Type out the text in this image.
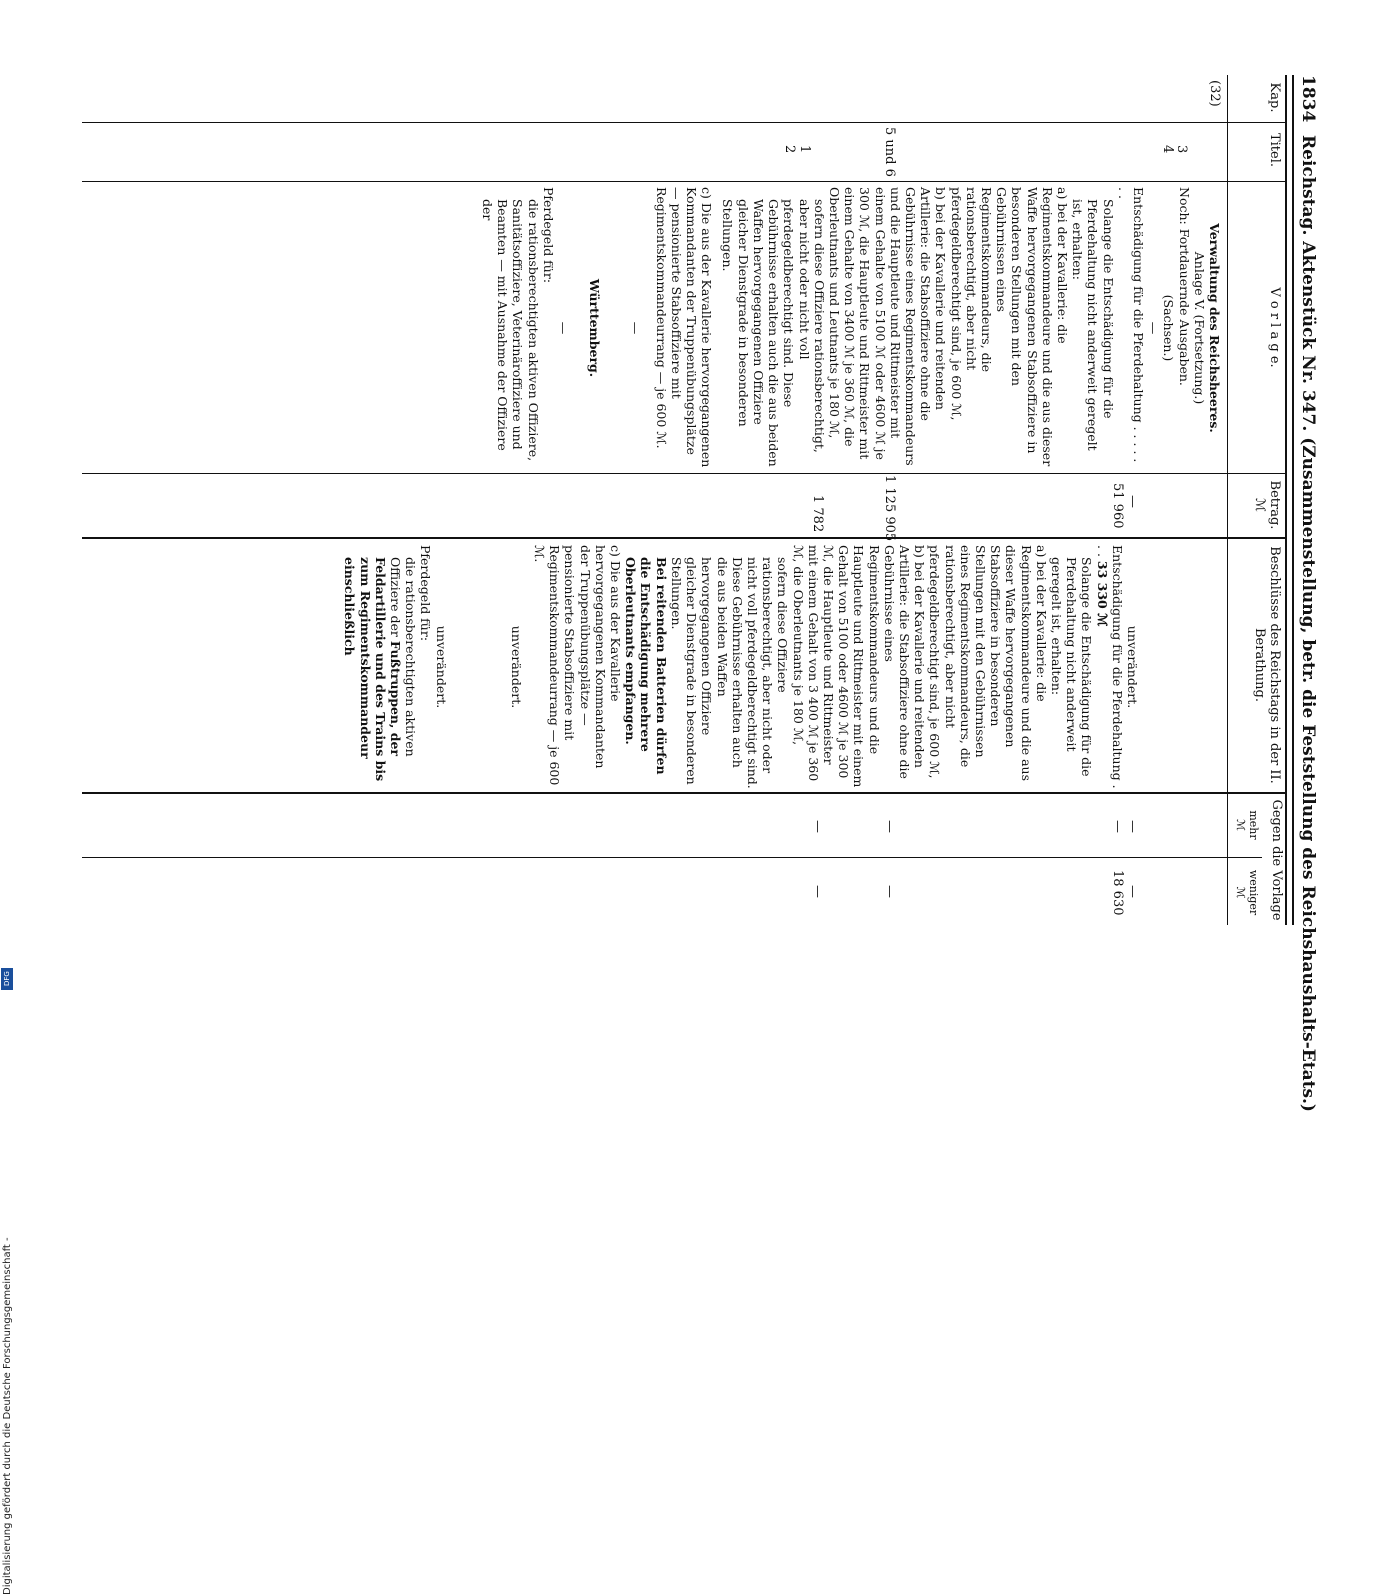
1834
Reichstag. Aktenstück Nr. 347. (Zusammenstellung, betr. die Feststellung des Reichshaushalts-Etats.)
Kap.
Titel.
V o r l a g e.
Betrag.
ℳ
Beschlüsse des Reichstags in der II. Berathung.
Gegen die Vorlage
mehr
ℳ
weniger
ℳ
(32)
3
4
5 und 6
1
2

Verwaltung des Reichsheeres.

Anlage V. (Fortsetzung.)

Noch: Fortdauernde Ausgaben.

(Sachsen.)

—

Entschädigung für die Pferdehaltung . . . . . . .

Solange die Entschädigung für die Pferdehaltung nicht anderweit geregelt ist, erhalten:

a) bei der Kavallerie: die Regimentskommandeure und die aus dieser Waffe hervorgegangenen Stabsoffiziere in besonderen Stellungen mit den Gebührnissen eines Regimentskommandeurs, die rationsberechtigt, aber nicht pferdegeldberechtigt sind, je 600 ℳ,

b) bei der Kavallerie und reitenden Artillerie: die Stabsoffiziere ohne die Gebührnisse eines Regimentskommandeurs und die Hauptleute und Rittmeister mit einem Gehalte von 5100 ℳ oder 4600 ℳ je 300 ℳ, die Hauptleute und Rittmeister mit einem Gehalte von 3400 ℳ je 360 ℳ, die Oberleutnants und Leutnants je 180 ℳ,

sofern diese Offiziere rationsberechtigt, aber nicht oder nicht voll pferdegeldberechtigt sind. Diese Gebührnisse erhalten auch die aus beiden Waffen hervorgegangenen Offiziere gleicher Dienstgrade in besonderen Stellungen.

c) Die aus der Kavallerie hervorgegangenen Kommandanten der Truppenübungsplätze — pensionierte Stabsoffiziere mit Regimentskommandeurrang — je 600 ℳ.

—

Württemberg.

—

Pferdegeld für:

die rationsberechtigten aktiven Offiziere, Sanitätsoffiziere, Veterinäroffiziere und Beamten — mit Ausnahme der Offiziere der

—
51 960
1 125 905
1 782

unverändert.

Entschädigung für die Pferdehaltung . . . 33 330 ℳ

Solange die Entschädigung für die Pferdehaltung nicht anderweit geregelt ist, erhalten:

a) bei der Kavallerie: die Regimentskommandeure und die aus dieser Waffe hervorgegangenen Stabsoffiziere in besonderen Stellungen mit den Gebührnissen eines Regimentskommandeurs, die rationsberechtigt, aber nicht pferdegeldberechtigt sind, je 600 ℳ,

b) bei der Kavallerie und reitenden Artillerie: die Stabsoffiziere ohne die Gebührnisse eines Regimentskommandeurs und die Hauptleute und Rittmeister mit einem Gehalt von 5100 oder 4600 ℳ je 300 ℳ, die Hauptleute und Rittmeister mit einem Gehalt von 3 400 ℳ je 360 ℳ, die Oberleutnants je 180 ℳ,

sofern diese Offiziere rationsberechtigt, aber nicht oder nicht voll pferdegeldberechtigt sind. Diese Gebührnisse erhalten auch die aus beiden Waffen hervorgegangenen Offiziere gleicher Dienstgrade in besonderen Stellungen.

Bei reitenden Batterien dürfen die Entschädigung mehrere Oberleutnants empfangen.

c) Die aus der Kavallerie hervorgegangenen Kommandanten der Truppenübungsplätze — pensionierte Stabsoffiziere mit Regimentskommandeurrang — je 600 ℳ.

unverändert.

unverändert.

Pferdegeld für:

die rationsberechtigten aktiven Offiziere der Fußtruppen, der Feldartillerie und des Trains bis zum Regimentskommandeur einschließlich

—
—
—
18 630
—
—
—
—
Digitalisierung gefördert durch die Deutsche Forschungsgemeinschaft -
DFG
